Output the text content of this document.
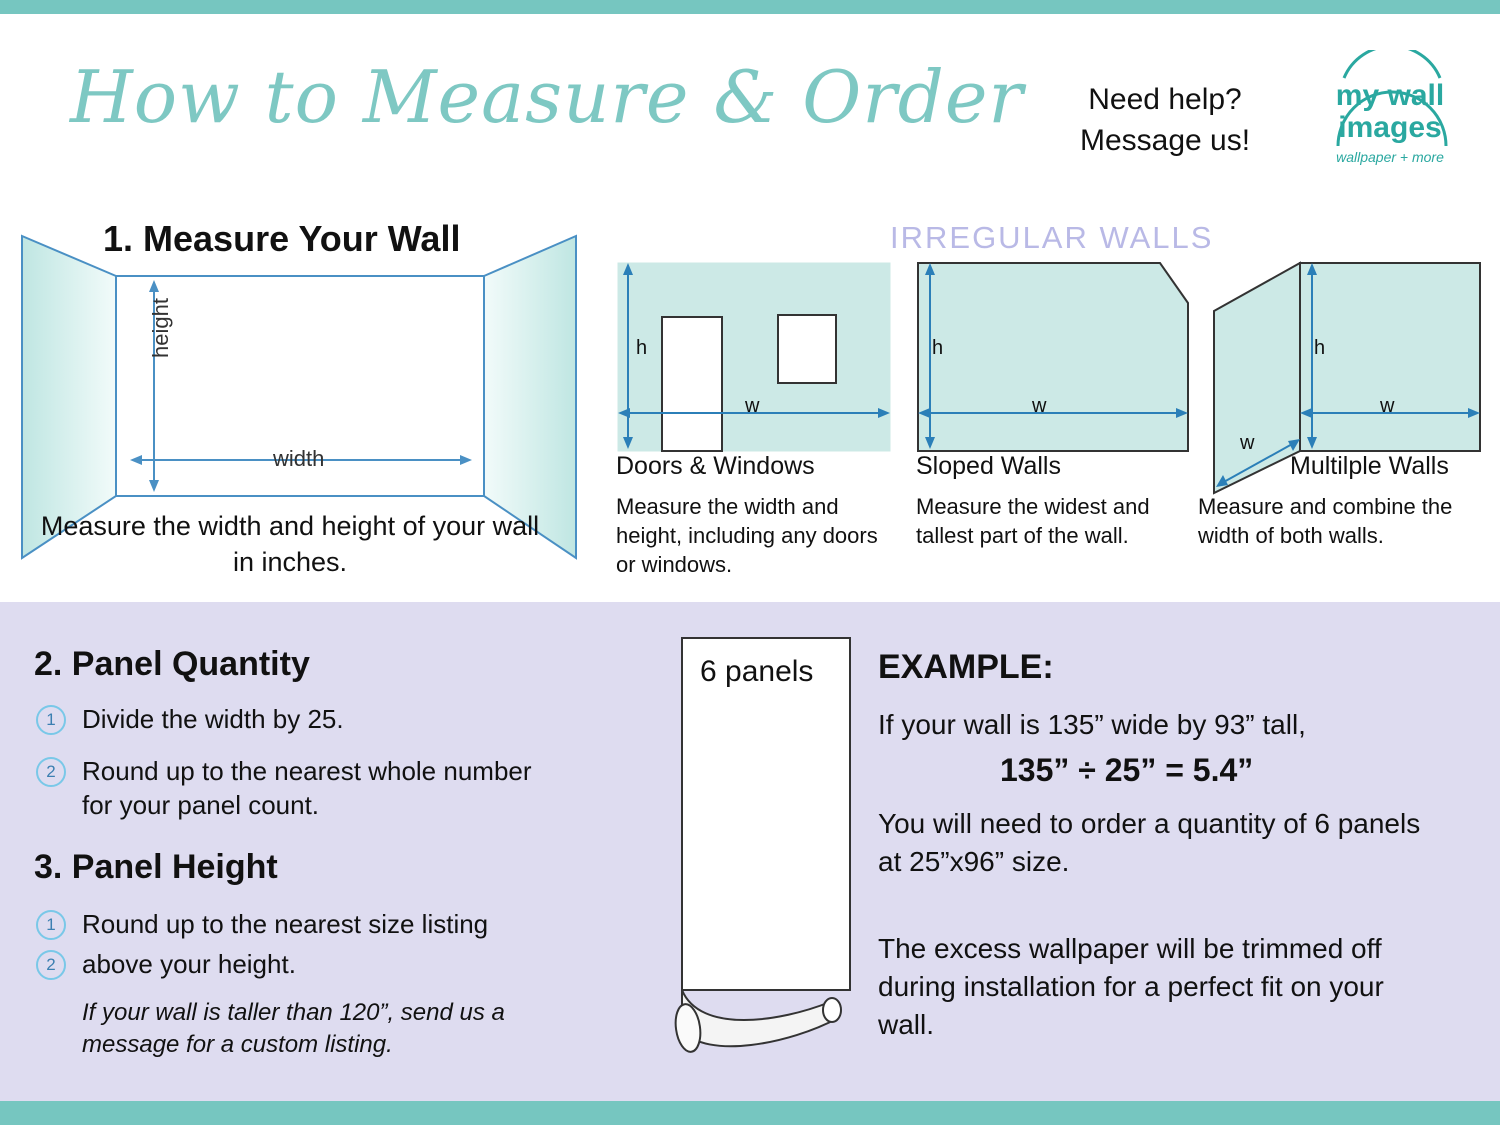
How to Measure & Order	Need help?
Message us!
my wall
images
wallpaper + more
1. Measure Your Wall
height
width
Measure the width and height of your wall in inches.
IRREGULAR WALLS
h
w
h
w
h
w
w
Doors & Windows
Measure the width and height, including any doors or windows.
Sloped Walls
Measure the widest and tallest part of the wall.
Multilple Walls
Measure and combine the width of both walls.
2. Panel Quantity
1	Divide the width by 25.
2	Round up to the nearest whole number for your panel count.
3. Panel Height
1	Round up to the nearest size listing
2	above your height.
If your wall is taller than 120”, send us a message for a custom listing.
6 panels EXAMPLE:
If your wall is 135” wide by 93” tall,
135” ÷ 25” = 5.4”
You will need to order a quantity of 6 panels at 25”x96” size.
The excess wallpaper will be trimmed off during installation for a perfect fit on your wall.
